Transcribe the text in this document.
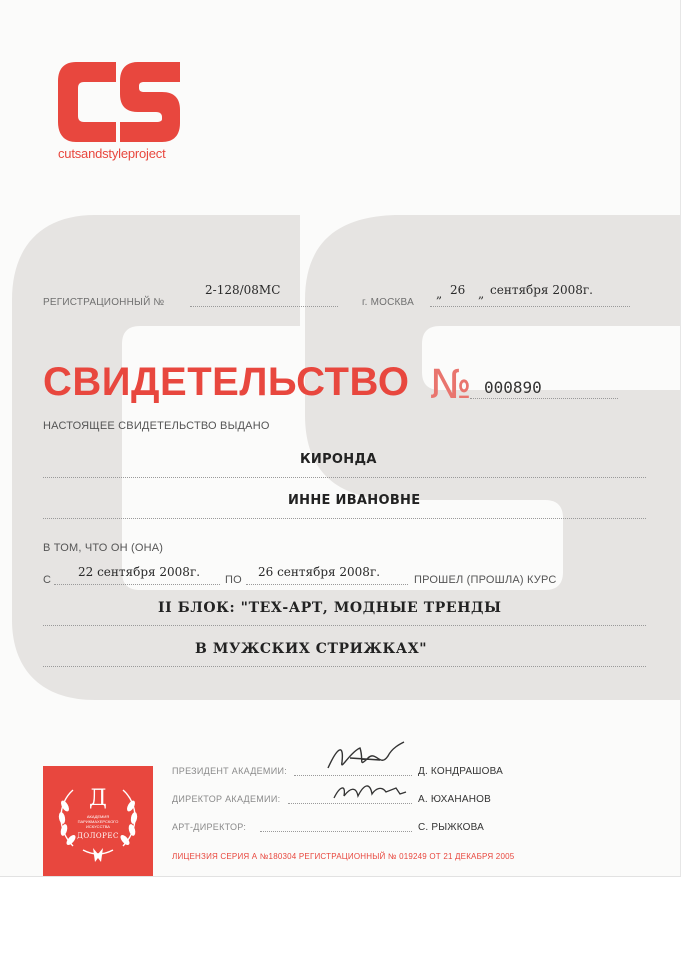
cutsandstyleproject
РЕГИСТРАЦИОННЫЙ №
2-128/08МС
г. МОСКВА
„ 26 „ сентября 2008г.
СВИДЕТЕЛЬСТВО № 000890
НАСТОЯЩЕЕ СВИДЕТЕЛЬСТВО ВЫДАНО
КИРОНДА
ИННЕ ИВАНОВНЕ
В ТОМ, ЧТО ОН (ОНА)
С
22 сентября 2008г.
ПО
26 сентября 2008г.
ПРОШЕЛ (ПРОШЛА) КУРС
II БЛОК: "ТЕХ-АРТ, МОДНЫЕ ТРЕНДЫ
В МУЖСКИХ СТРИЖКАХ"
Д
АКАДЕМИЯ ПАРИКМАХЕРСКОГО ИСКУССТВА
ДОЛОРЕС
ПРЕЗИДЕНТ АКАДЕМИИ:	Д. КОНДРАШОВА
ДИРЕКТОР АКАДЕМИИ:	А. ЮХАНАНОВ
АРТ-ДИРЕКТОР:	С. РЫЖКОВА
ЛИЦЕНЗИЯ СЕРИЯ А №180304 РЕГИСТРАЦИОННЫЙ № 019249 ОТ 21 ДЕКАБРЯ 2005
